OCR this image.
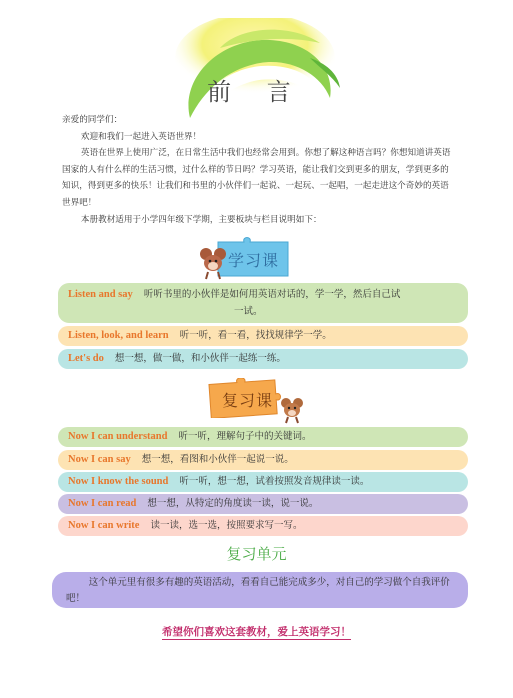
前 言

亲爱的同学们：

欢迎和我们一起进入英语世界！

英语在世界上使用广泛，在日常生活中我们也经常会用到。你想了解这种语言吗？你想知道讲英语国家的人有什么样的生活习惯，过什么样的节日吗？学习英语，能让我们交到更多的朋友，学到更多的知识，得到更多的快乐！让我们和书里的小伙伴们一起说、一起玩、一起唱，一起走进这个奇妙的英语世界吧！

本册教材适用于小学四年级下学期，主要板块与栏目说明如下：

学习课
Listen and say 听听书里的小伙伴是如何用英语对话的，学一学，然后自己试
一试。
Listen, look, and learn 听一听，看一看，找找规律学一学。
Let's do 想一想，做一做，和小伙伴一起练一练。
复习课
Now I can understand 听一听，理解句子中的关键词。
Now I can say 想一想，看图和小伙伴一起说一说。
Now I know the sound 听一听，想一想，试着按照发音规律读一读。
Now I can read 想一想，从特定的角度读一读，说一说。
Now I can write 读一读，选一选，按照要求写一写。
复习单元
这个单元里有很多有趣的英语活动，看看自己能完成多少，对自己的学习做个自我评价吧！
希望你们喜欢这套教材，爱上英语学习！
